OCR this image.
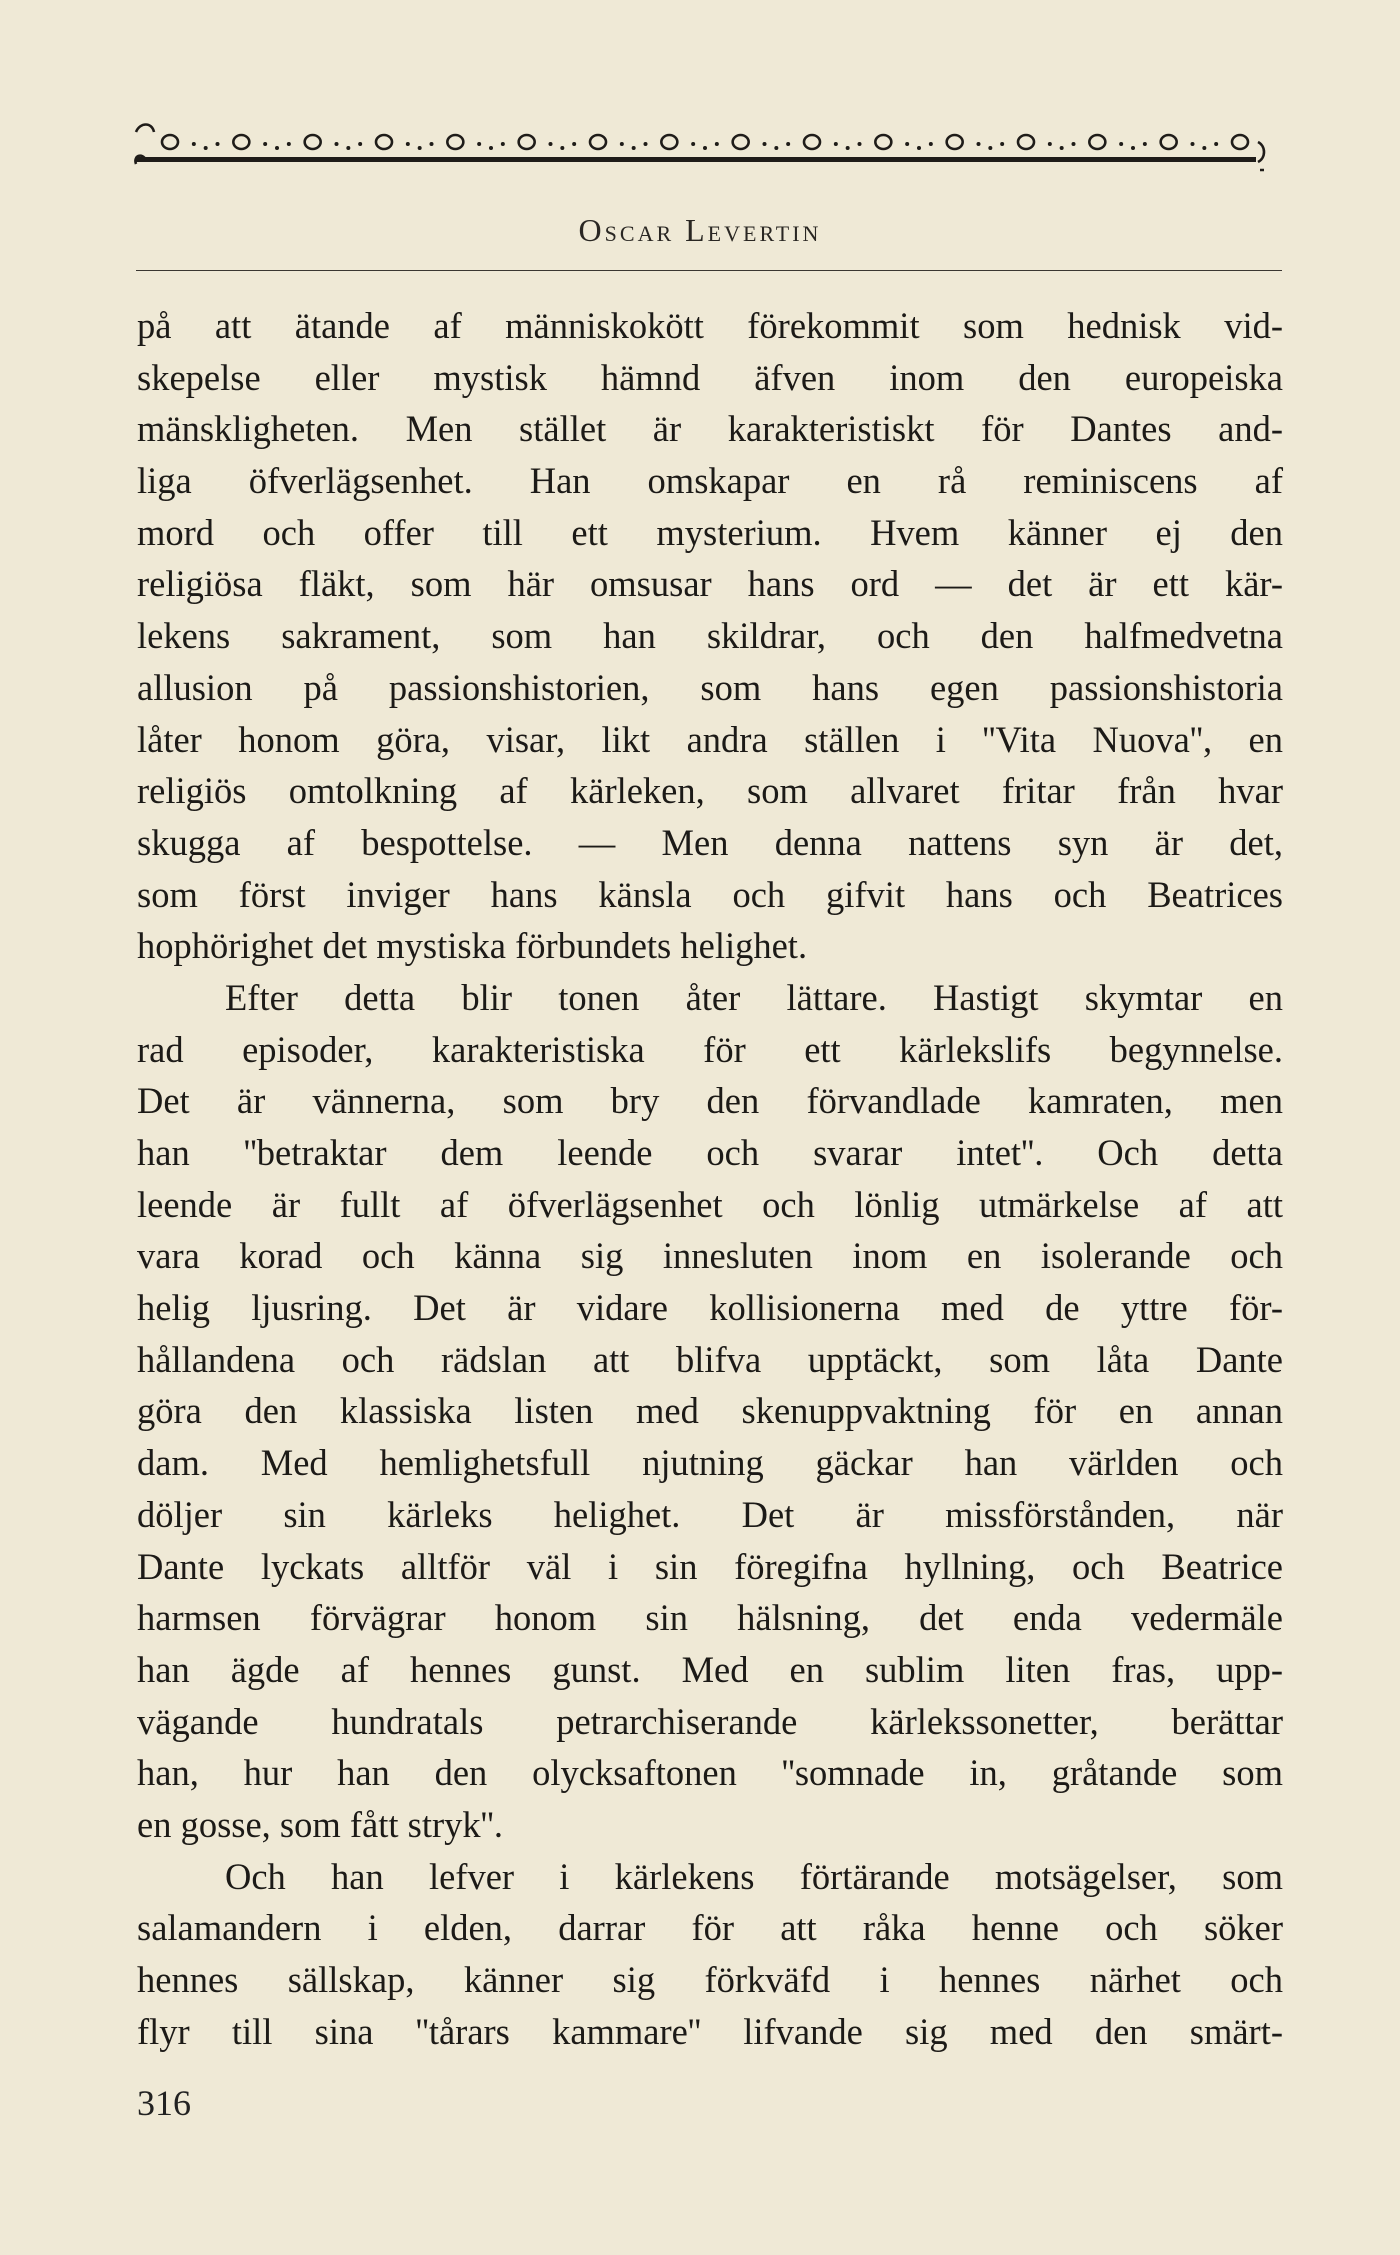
Oscar Levertin
på att ätande af människokött förekommit som hednisk vid-
skepelse eller mystisk hämnd äfven inom den europeiska
mänskligheten. Men stället är karakteristiskt för Dantes and-
liga öfverlägsenhet. Han omskapar en rå reminiscens af
mord och offer till ett mysterium. Hvem känner ej den
religiösa fläkt, som här omsusar hans ord — det är ett kär-
lekens sakrament, som han skildrar, och den halfmedvetna
allusion på passionshistorien, som hans egen passionshistoria
låter honom göra, visar, likt andra ställen i ''Vita Nuova'', en
religiös omtolkning af kärleken, som allvaret fritar från hvar
skugga af bespottelse. — Men denna nattens syn är det,
som först inviger hans känsla och gifvit hans och Beatrices
hophörighet det mystiska förbundets helighet.
Efter detta blir tonen åter lättare. Hastigt skymtar en
rad episoder, karakteristiska för ett kärlekslifs begynnelse.
Det är vännerna, som bry den förvandlade kamraten, men
han ''betraktar dem leende och svarar intet''. Och detta
leende är fullt af öfverlägsenhet och lönlig utmärkelse af att
vara korad och känna sig innesluten inom en isolerande och
helig ljusring. Det är vidare kollisionerna med de yttre för-
hållandena och rädslan att blifva upptäckt, som låta Dante
göra den klassiska listen med skenuppvaktning för en annan
dam. Med hemlighetsfull njutning gäckar han världen och
döljer sin kärleks helighet. Det är missförstånden, när
Dante lyckats alltför väl i sin föregifna hyllning, och Beatrice
harmsen förvägrar honom sin hälsning, det enda vedermäle
han ägde af hennes gunst. Med en sublim liten fras, upp-
vägande hundratals petrarchiserande kärlekssonetter, berättar
han, hur han den olycksaftonen ''somnade in, gråtande som
en gosse, som fått stryk''.
Och han lefver i kärlekens förtärande motsägelser, som
salamandern i elden, darrar för att råka henne och söker
hennes sällskap, känner sig förkväfd i hennes närhet och
flyr till sina ''tårars kammare'' lifvande sig med den smärt-
316
